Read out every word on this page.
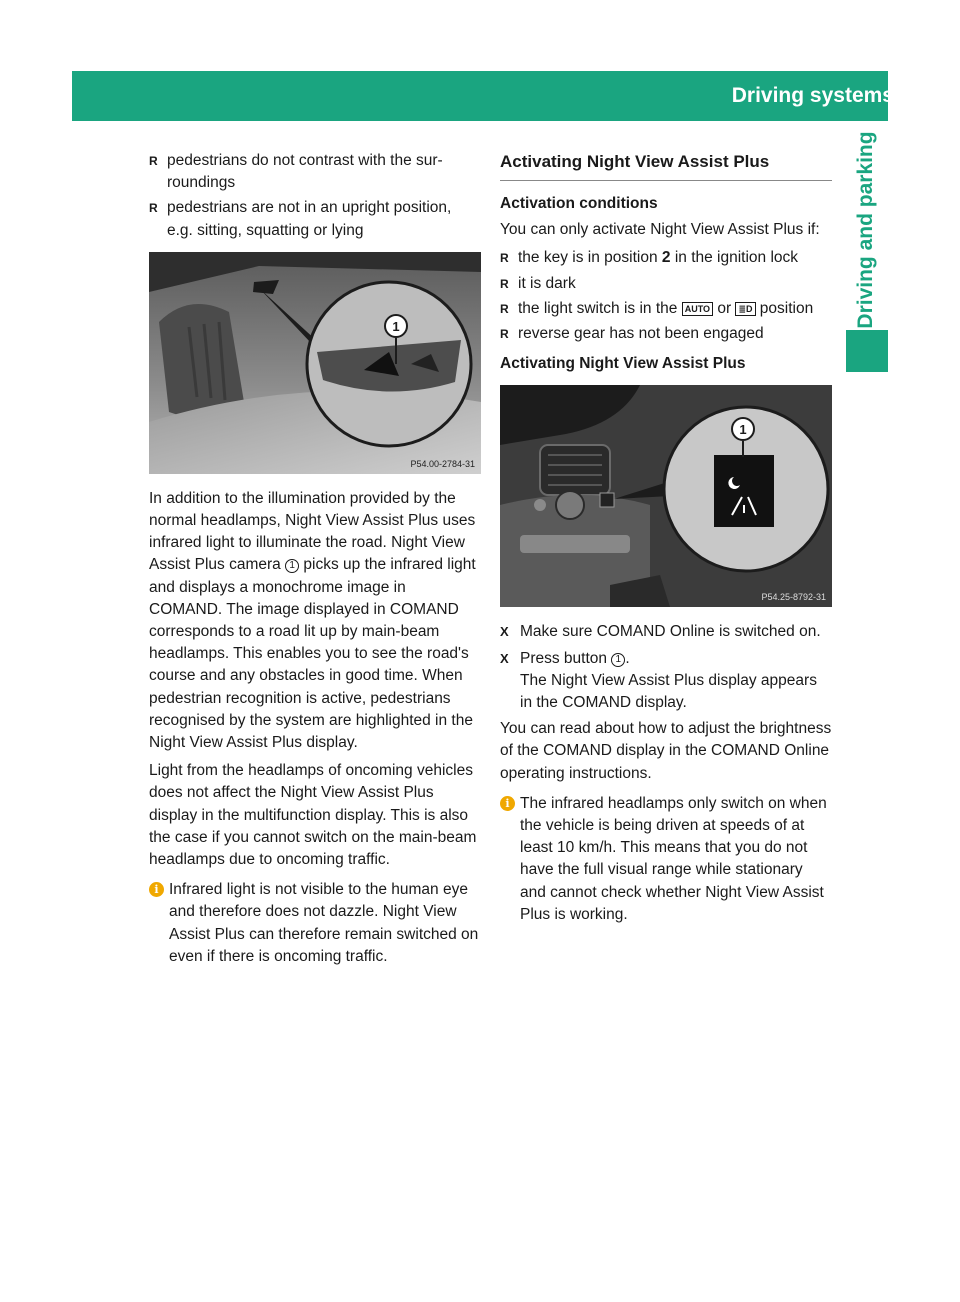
Driving systems	221
Driving and parking
R pedestrians do not contrast with the surroundings
R pedestrians are not in an upright position, e.g. sitting, squatting or lying
1
P54.00-2784-31

In addition to the illumination provided by the normal headlamps, Night View Assist Plus uses infrared light to illuminate the road. Night View Assist Plus camera 1 picks up the infrared light and displays a monochrome image in COMAND. The image displayed in COMAND corresponds to a road lit up by main-beam headlamps. This enables you to see the road's course and any obstacles in good time. When pedestrian recognition is active, pedestrians recognised by the system are highlighted in the Night View Assist Plus display.

Light from the headlamps of oncoming vehicles does not affect the Night View Assist Plus display in the multifunction display. This is also the case if you cannot switch on the main-beam headlamps due to oncoming traffic.

i Infrared light is not visible to the human eye and therefore does not dazzle. Night View Assist Plus can therefore remain switched on even if there is oncoming traffic.
Activating Night View Assist Plus
Activation conditions

You can only activate Night View Assist Plus if:

R the key is in position 2 in the ignition lock
R it is dark
R the light switch is in the AUTO or ≣D position
R reverse gear has not been engaged
Activating Night View Assist Plus
1
P54.25-8792-31
X Make sure COMAND Online is switched on.
X Press button 1 .
The Night View Assist Plus display appears in the COMAND display.

You can read about how to adjust the brightness of the COMAND display in the COMAND Online operating instructions.

i The infrared headlamps only switch on when the vehicle is being driven at speeds of at least 10 km/h. This means that you do not have the full visual range while stationary and cannot check whether Night View Assist Plus is working.
